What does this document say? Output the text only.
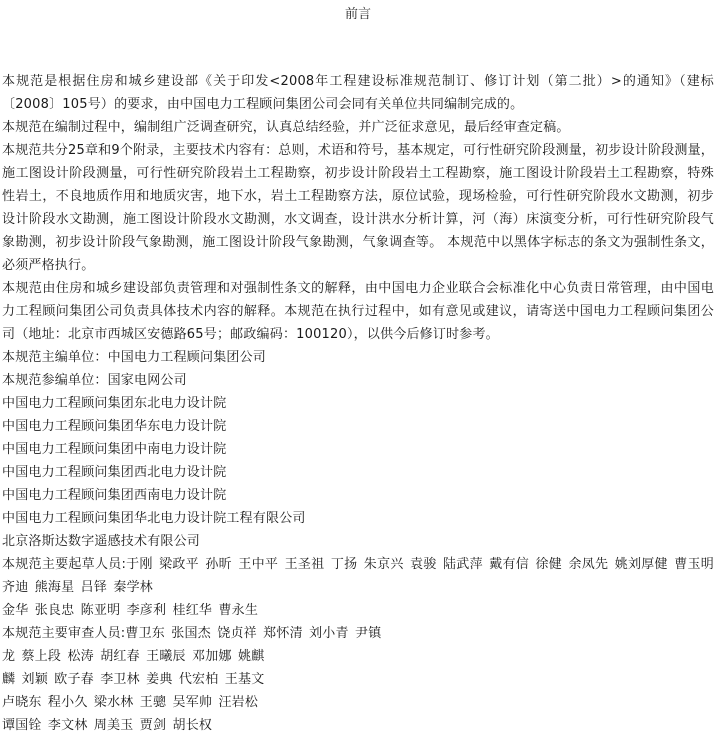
前言

本规范是根据住房和城乡建设部《关于印发<2008年工程建设标准规范制订、修订计划（第二批）>的通知》（建标〔2008〕105号）的要求，由中国电力工程顾问集团公司会同有关单位共同编制完成的。

本规范在编制过程中，编制组广泛调查研究，认真总结经验，并广泛征求意见，最后经审查定稿。

本规范共分25章和9个附录，主要技术内容有：总则，术语和符号，基本规定，可行性研究阶段测量，初步设计阶段测量，施工图设计阶段测量，可行性研究阶段岩土工程勘察，初步设计阶段岩土工程勘察，施工图设计阶段岩土工程勘察，特殊性岩土，不良地质作用和地质灾害，地下水，岩土工程勘察方法，原位试验，现场检验，可行性研究阶段水文勘测，初步设计阶段水文勘测，施工图设计阶段水文勘测，水文调查，设计洪水分析计算，河（海）床演变分析，可行性研究阶段气象勘测，初步设计阶段气象勘测，施工图设计阶段气象勘测，气象调查等。 本规范中以黑体字标志的条文为强制性条文，必须严格执行。

本规范由住房和城乡建设部负责管理和对强制性条文的解释，由中国电力企业联合会标准化中心负责日常管理，由中国电力工程顾问集团公司负责具体技术内容的解释。本规范在执行过程中，如有意见或建议，请寄送中国电力工程顾问集团公司（地址：北京市西城区安德路65号；邮政编码：100120），以供今后修订时参考。

本规范主编单位：中国电力工程顾问集团公司

本规范参编单位：国家电网公司

中国电力工程顾问集团东北电力设计院

中国电力工程顾问集团华东电力设计院

中国电力工程顾问集团中南电力设计院

中国电力工程顾问集团西北电力设计院

中国电力工程顾问集团西南电力设计院

中国电力工程顾问集团华北电力设计院工程有限公司

北京洛斯达数字遥感技术有限公司

本规范主要起草人员:于刚 梁政平 孙昕 王中平 王圣祖 丁扬 朱京兴 袁骏 陆武萍 戴有信 徐健 余凤先 姚刘厚健 曹玉明 齐迪 熊海星 吕铎 秦学林

金华 张良忠 陈亚明 李彦利 桂红华 曹永生

本规范主要审查人员:曹卫东 张国杰 饶贞祥 郑怀清 刘小青 尹镇

龙 蔡上段 松涛 胡红春 王曦辰 邓加娜 姚麒

麟 刘颖 欧子春 李卫林 姜典 代宏柏 王基文

卢晓东 程小久 梁水林 王骢 吴军帅 汪岩松

谭国铨 李文林 周美玉 贾剑 胡长权
